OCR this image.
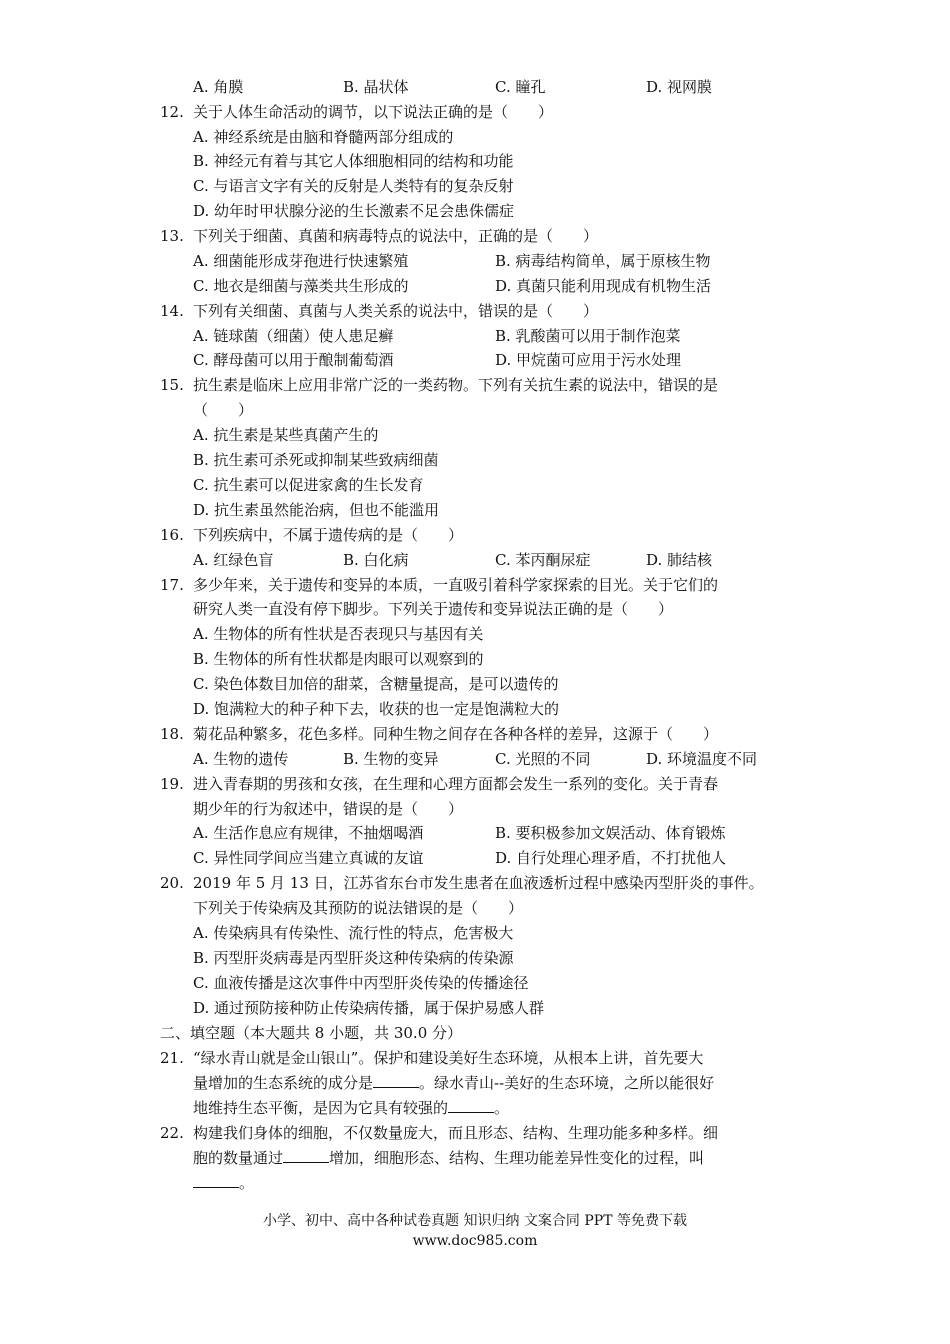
A. 角膜	B. 晶状体	C. 瞳孔	D. 视网膜
12. 关于人体生命活动的调节，以下说法正确的是（　　）
A. 神经系统是由脑和脊髓两部分组成的
B. 神经元有着与其它人体细胞相同的结构和功能
C. 与语言文字有关的反射是人类特有的复杂反射
D. 幼年时甲状腺分泌的生长激素不足会患侏儒症
13. 下列关于细菌、真菌和病毒特点的说法中，正确的是（　　）
A. 细菌能形成芽孢进行快速繁殖	B. 病毒结构简单，属于原核生物
C. 地衣是细菌与藻类共生形成的	D. 真菌只能利用现成有机物生活
14. 下列有关细菌、真菌与人类关系的说法中，错误的是（　　）
A. 链球菌（细菌）使人患足癣	B. 乳酸菌可以用于制作泡菜
C. 酵母菌可以用于酿制葡萄酒	D. 甲烷菌可应用于污水处理
15. 抗生素是临床上应用非常广泛的一类药物。下列有关抗生素的说法中，错误的是
（　　）
A. 抗生素是某些真菌产生的
B. 抗生素可杀死或抑制某些致病细菌
C. 抗生素可以促进家禽的生长发育
D. 抗生素虽然能治病，但也不能滥用
16. 下列疾病中，不属于遗传病的是（　　）
A. 红绿色盲	B. 白化病	C. 苯丙酮尿症	D. 肺结核
17. 多少年来，关于遗传和变异的本质，一直吸引着科学家探索的目光。关于它们的
研究人类一直没有停下脚步。下列关于遗传和变异说法正确的是（　　）
A. 生物体的所有性状是否表现只与基因有关
B. 生物体的所有性状都是肉眼可以观察到的
C. 染色体数目加倍的甜菜，含糖量提高，是可以遗传的
D. 饱满粒大的种子种下去，收获的也一定是饱满粒大的
18. 菊花品种繁多，花色多样。同种生物之间存在各种各样的差异，这源于（　　）
A. 生物的遗传	B. 生物的变异	C. 光照的不同	D. 环境温度不同
19. 进入青春期的男孩和女孩，在生理和心理方面都会发生一系列的变化。关于青春
期少年的行为叙述中，错误的是（　　）
A. 生活作息应有规律，不抽烟喝酒	B. 要积极参加文娱活动、体育锻炼
C. 异性同学间应当建立真诚的友谊	D. 自行处理心理矛盾，不打扰他人
20. 2019 年 5 月 13 日，江苏省东台市发生患者在血液透析过程中感染丙型肝炎的事件。
下列关于传染病及其预防的说法错误的是（　　）
A. 传染病具有传染性、流行性的特点，危害极大
B. 丙型肝炎病毒是丙型肝炎这种传染病的传染源
C. 血液传播是这次事件中丙型肝炎传染的传播途径
D. 通过预防接种防止传染病传播，属于保护易感人群
二、填空题（本大题共 8 小题，共 30.0 分）
21. “绿水青山就是金山银山”。保护和建设美好生态环境，从根本上讲，首先要大
量增加的生态系统的成分是	。绿水青山--美好的生态环境，之所以能很好
地维持生态平衡，是因为它具有较强的	。
22. 构建我们身体的细胞，不仅数量庞大，而且形态、结构、生理功能多种多样。细
胞的数量通过	增加，细胞形态、结构、生理功能差异性变化的过程，叫
。
小学、初中、高中各种试卷真题 知识归纳 文案合同 PPT 等免费下载
www.doc985.com
